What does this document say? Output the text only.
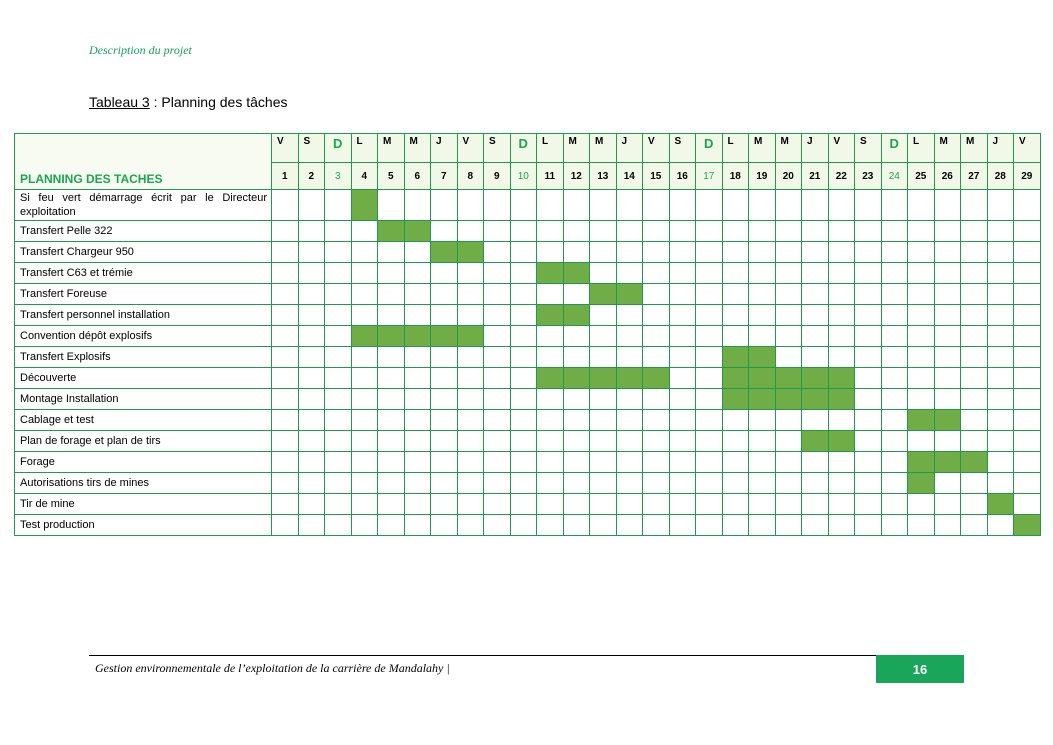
Description du projet
Tableau 3 : Planning des tâches
PLANNING DES TACHES	V	S	D	L	M	M	J	V	S	D	L	M	M	J	V	S	D	L	M	M	J	V	S	D	L	M	M	J	V
	1	2	3	4	5	6	7	8	9	10	11	12	13	14	15	16	17	18	19	20	21	22	23	24	25	26	27	28	29
Si feu vert démarrage écrit par le Directeur exploitation																													
Transfert Pelle 322																													
Transfert Chargeur 950																													
Transfert C63 et trémie																													
Transfert Foreuse																													
Transfert personnel installation																													
Convention dépôt explosifs																													
Transfert Explosifs																													
Découverte																													
Montage Installation																													
Cablage et test																													
Plan de forage et plan de tirs																													
Forage																													
Autorisations tirs de mines																													
Tir de mine																													
Test production																													
Gestion environnementale de l’exploitation de la carrière de Mandalahy |	16
